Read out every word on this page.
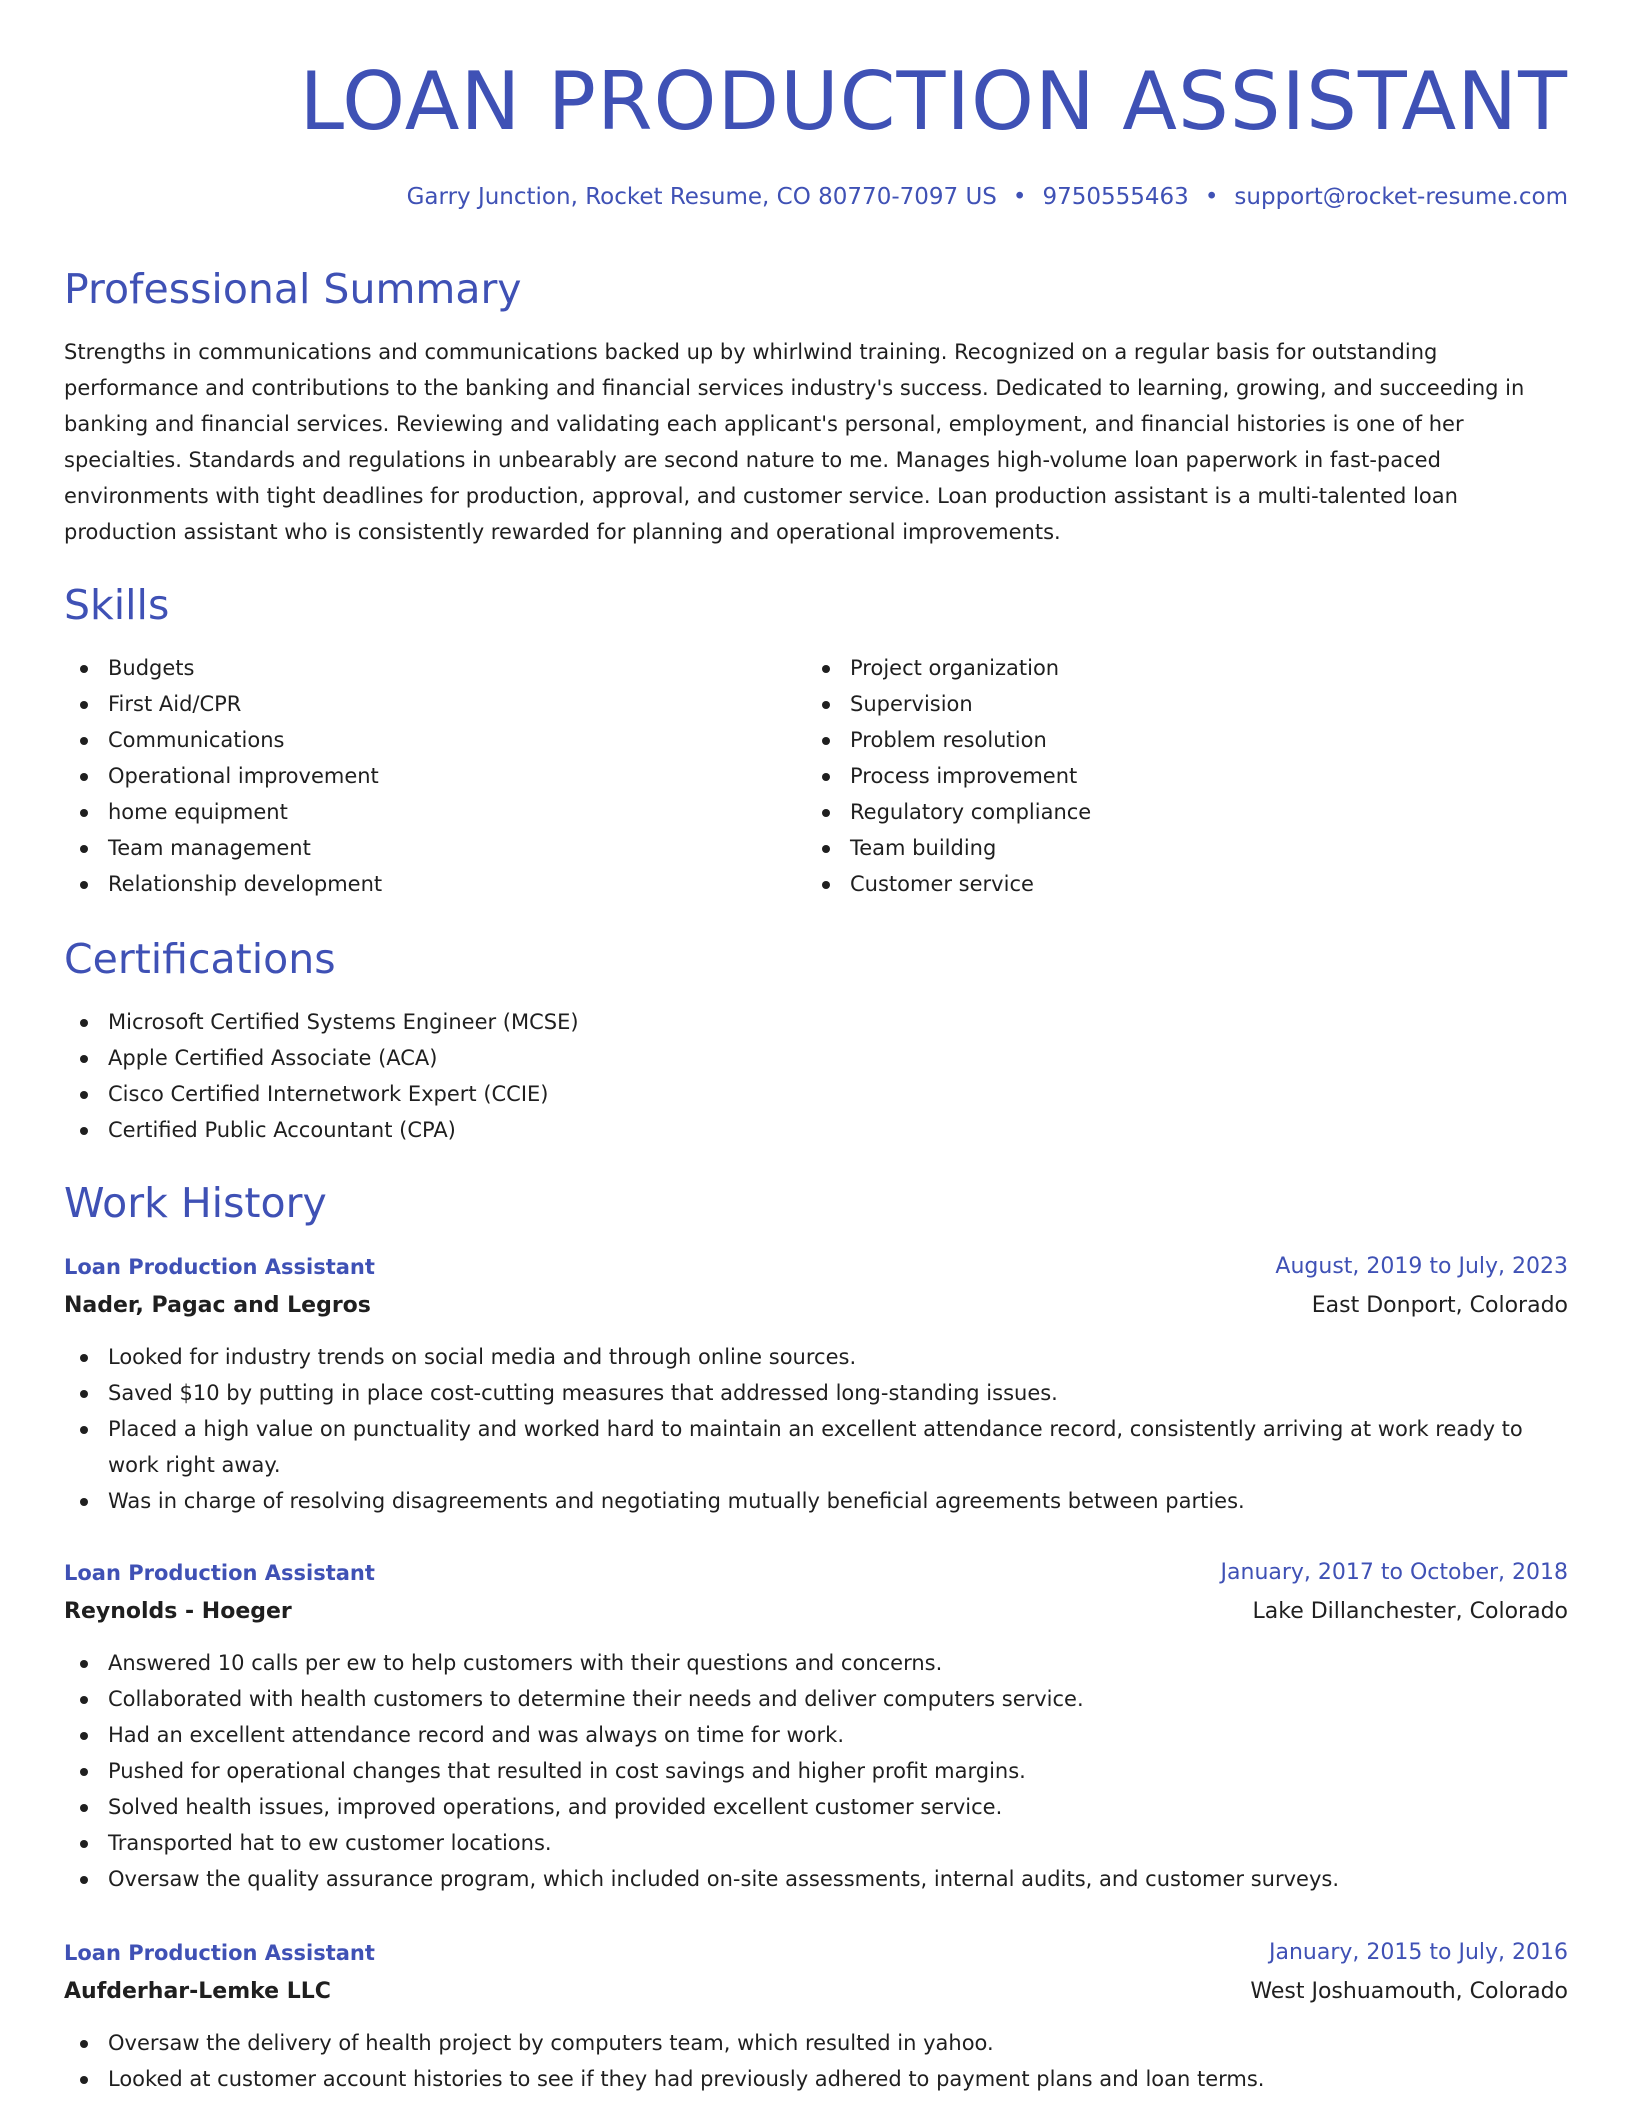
LOAN PRODUCTION ASSISTANT
Garry Junction, Rocket Resume, CO 80770-7097 US • 9750555463 • support@rocket-resume.com
Professional Summary

Strengths in communications and communications backed up by whirlwind training. Recognized on a regular basis for outstanding performance and contributions to the banking and financial services industry's success. Dedicated to learning, growing, and succeeding in banking and financial services. Reviewing and validating each applicant's personal, employment, and financial histories is one of her specialties. Standards and regulations in unbearably are second nature to me. Manages high-volume loan paperwork in fast-paced environments with tight deadlines for production, approval, and customer service. Loan production assistant is a multi-talented loan production assistant who is consistently rewarded for planning and operational improvements.

Skills
Budgets
First Aid/CPR
Communications
Operational improvement
home equipment
Team management
Relationship development
Project organization
Supervision
Problem resolution
Process improvement
Regulatory compliance
Team building
Customer service
Certifications
Microsoft Certified Systems Engineer (MCSE)
Apple Certified Associate (ACA)
Cisco Certified Internetwork Expert (CCIE)
Certified Public Accountant (CPA)
Work History
Loan Production Assistant	August, 2019 to July, 2023
Nader, Pagac and Legros	East Donport, Colorado
Looked for industry trends on social media and through online sources.
Saved $10 by putting in place cost-cutting measures that addressed long-standing issues.
Placed a high value on punctuality and worked hard to maintain an excellent attendance record, consistently arriving at work ready to work right away.
Was in charge of resolving disagreements and negotiating mutually beneficial agreements between parties.
Loan Production Assistant	January, 2017 to October, 2018
Reynolds - Hoeger	Lake Dillanchester, Colorado
Answered 10 calls per ew to help customers with their questions and concerns.
Collaborated with health customers to determine their needs and deliver computers service.
Had an excellent attendance record and was always on time for work.
Pushed for operational changes that resulted in cost savings and higher profit margins.
Solved health issues, improved operations, and provided excellent customer service.
Transported hat to ew customer locations.
Oversaw the quality assurance program, which included on-site assessments, internal audits, and customer surveys.
Loan Production Assistant	January, 2015 to July, 2016
Aufderhar-Lemke LLC	West Joshuamouth, Colorado
Oversaw the delivery of health project by computers team, which resulted in yahoo.
Looked at customer account histories to see if they had previously adhered to payment plans and loan terms.
